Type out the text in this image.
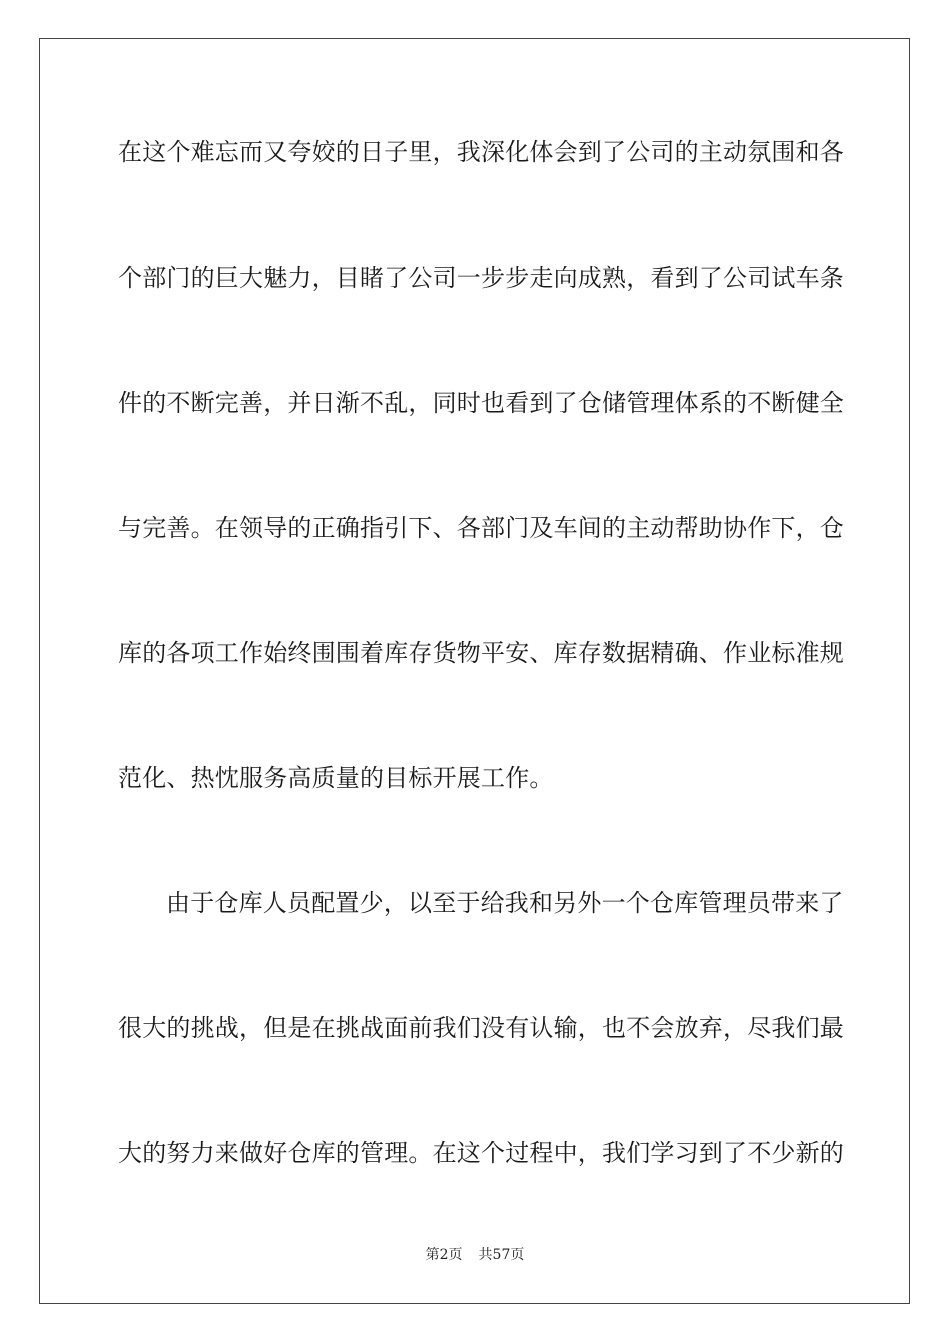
在这个难忘而又夸姣的日子里，我深化体会到了公司的主动氛围和各
个部门的巨大魅力，目睹了公司一步步走向成熟，看到了公司试车条
件的不断完善，并日渐不乱，同时也看到了仓储管理体系的不断健全
与完善。在领导的正确指引下、各部门及车间的主动帮助协作下，仓
库的各项工作始终围围着库存货物平安、库存数据精确、作业标准规
范化、热忱服务高质量的目标开展工作。
由于仓库人员配置少，以至于给我和另外一个仓库管理员带来了
很大的挑战，但是在挑战面前我们没有认输，也不会放弃，尽我们最
大的努力来做好仓库的管理。在这个过程中，我们学习到了不少新的
第2页 共57页
